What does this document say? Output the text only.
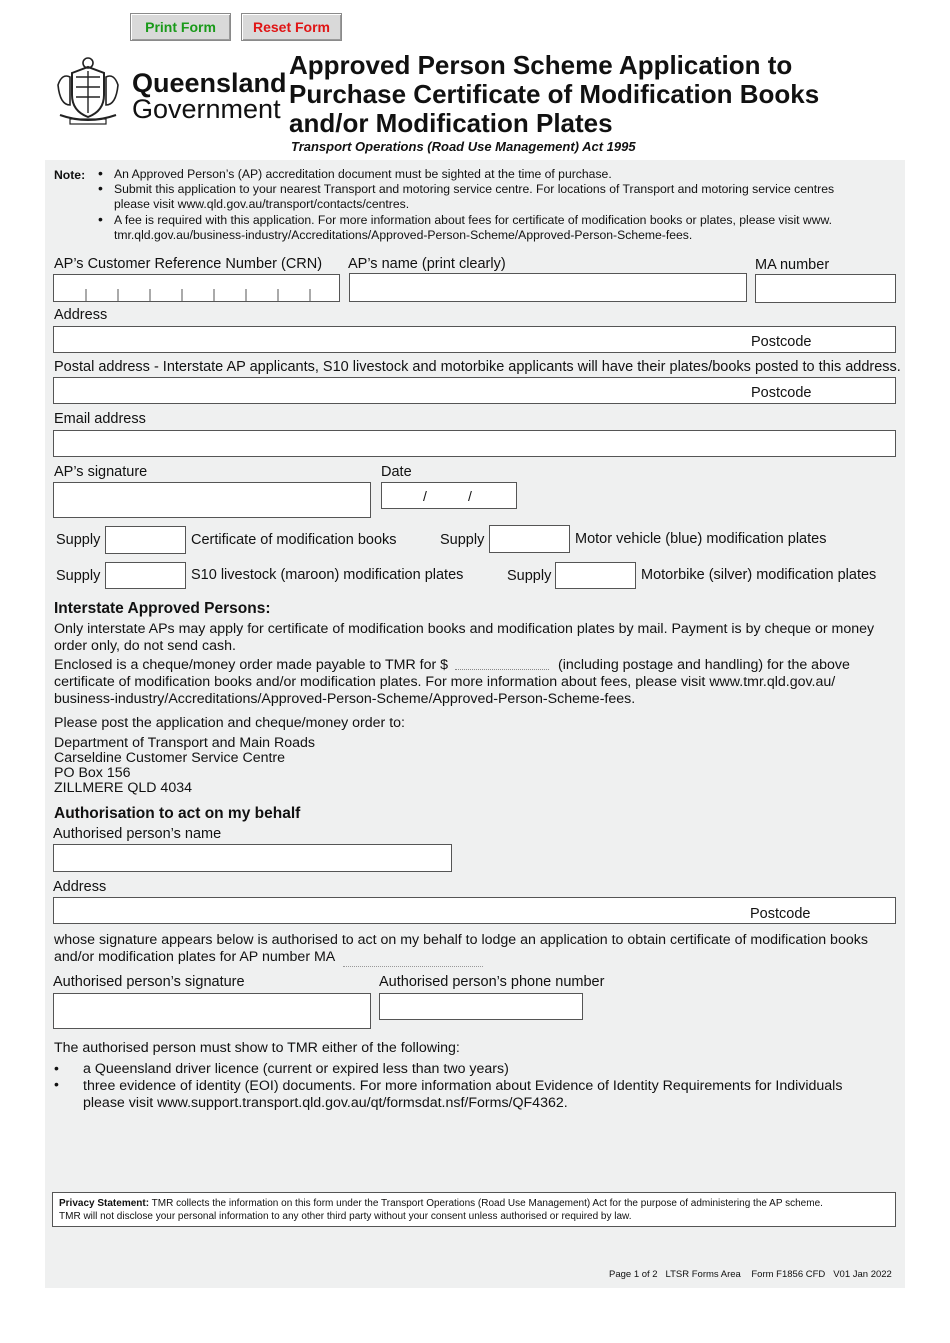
Print Form	Reset Form
Queensland
Government
Approved Person Scheme Application to Purchase Certificate of Modification Books and/or Modification Plates
Transport Operations (Road Use Management) Act 1995
Note: • An Approved Person’s (AP) accreditation document must be sighted at the time of purchase.
• Submit this application to your nearest Transport and motoring service centre. For locations of Transport and motoring service centres
please visit www.qld.gov.au/transport/contacts/centres.
• A fee is required with this application. For more information about fees for certificate of modification books or plates, please visit www.
tmr.qld.gov.au/business-industry/Accreditations/Approved-Person-Scheme/Approved-Person-Scheme-fees.
AP’s Customer Reference Number (CRN) AP’s name (print clearly)	MA number
Address
Postcode
Postal address - Interstate AP applicants, S10 livestock and motorbike applicants will have their plates/books posted to this address.
Postcode
Email address
AP’s signature	Date
/	/
Supply	Certificate of modification books	Supply	Motor vehicle (blue) modification plates
Supply	S10 livestock (maroon) modification plates	Supply	Motorbike (silver) modification plates
Interstate Approved Persons:
Only interstate APs may apply for certificate of modification books and modification plates by mail. Payment is by cheque or money order only, do not send cash.
Enclosed is a cheque/money order made payable to TMR for $	(including postage and handling) for the above
certificate of modification books and/or modification plates. For more information about fees, please visit www.tmr.qld.gov.au/
business-industry/Accreditations/Approved-Person-Scheme/Approved-Person-Scheme-fees.
Please post the application and cheque/money order to:
Department of Transport and Main Roads
Carseldine Customer Service Centre
PO Box 156
ZILLMERE QLD 4034
Authorisation to act on my behalf
Authorised person’s name
Address
Postcode
whose signature appears below is authorised to act on my behalf to lodge an application to obtain certificate of modification books
and/or modification plates for AP number MA
Authorised person’s signature	Authorised person’s phone number
The authorised person must show to TMR either of the following:
• a Queensland driver licence (current or expired less than two years)
• three evidence of identity (EOI) documents. For more information about Evidence of Identity Requirements for Individuals
please visit www.support.transport.qld.gov.au/qt/formsdat.nsf/Forms/QF4362.
Privacy Statement: TMR collects the information on this form under the Transport Operations (Road Use Management) Act for the purpose of administering the AP scheme.
TMR will not disclose your personal information to any other third party without your consent unless authorised or required by law.
Page 1 of 2   LTSR Forms Area    Form F1856 CFD   V01 Jan 2022
